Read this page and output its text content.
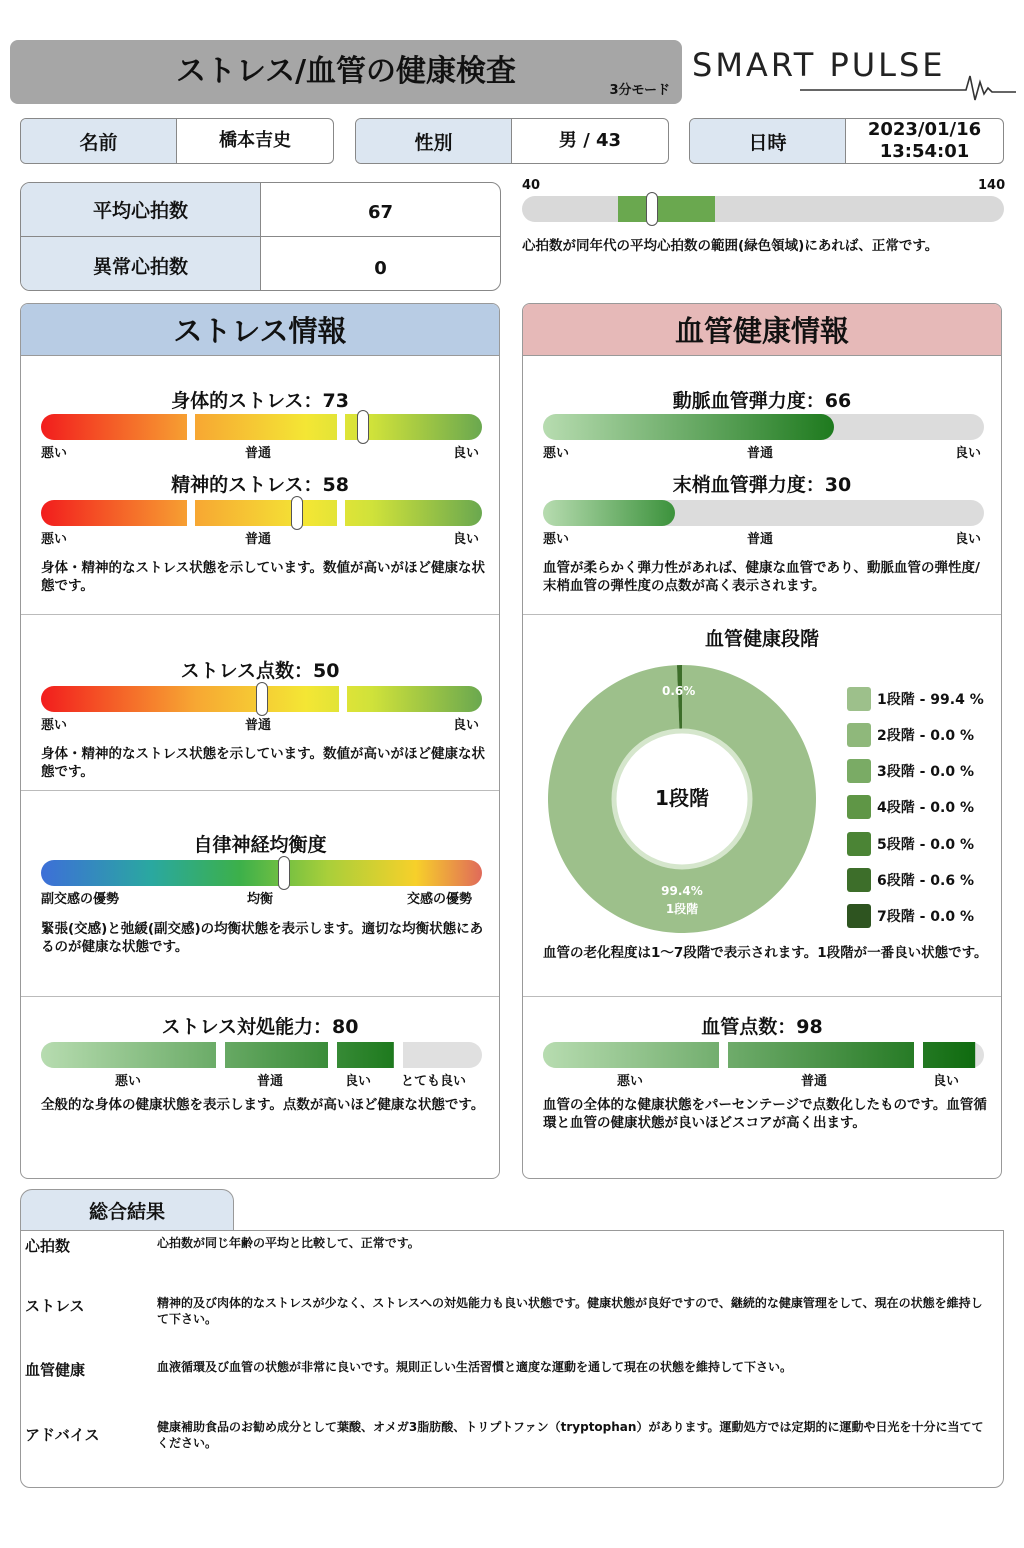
ストレス/血管の健康検査
3分モード
SMART PULSE
名前	橋本吉史	性別	男 / 43	日時
2023/01/16
13:54:01
平均心拍数	67
異常心拍数	0
40	140
心拍数が同年代の平均心拍数の範囲(緑色領域)にあれば、正常です。
ストレス情報
身体的ストレス：73
悪い	普通	良い
精神的ストレス：58
悪い	普通	良い
身体・精神的なストレス状態を示しています。数値が高いがほど健康な状態です。
ストレス点数：50
悪い	普通	良い
身体・精神的なストレス状態を示しています。数値が高いがほど健康な状態です。
自律神経均衡度
副交感の優勢	均衡	交感の優勢
緊張(交感)と弛緩(副交感)の均衡状態を表示します。適切な均衡状態にあるのが健康な状態です。
ストレス対処能力：80
悪い	普通	良い とても良い
全般的な身体の健康状態を表示します。点数が高いほど健康な状態です。
血管健康情報
動脈血管弾力度：66
悪い	普通	良い
末梢血管弾力度：30
悪い	普通	良い
血管が柔らかく弾力性があれば、健康な血管であり、動脈血管の弾性度/末梢血管の弾性度の点数が高く表示されます。
血管健康段階
1段階
0.6%
99.4%
1段階
血管の老化程度は1〜7段階で表示されます。1段階が一番良い状態です。
血管点数：98
悪い	普通	良い
血管の全体的な健康状態をパーセンテージで点数化したものです。血管循環と血管の健康状態が良いほどスコアが高く出ます。
1段階 - 99.4 %
2段階 - 0.0 %
3段階 - 0.0 %
4段階 - 0.0 %
5段階 - 0.0 %
6段階 - 0.6 %
7段階 - 0.0 %
総合結果
心拍数	心拍数が同じ年齢の平均と比較して、正常です。
ストレス	精神的及び肉体的なストレスが少なく、ストレスへの対処能力も良い状態です。健康状態が良好ですので、継続的な健康管理をして、現在の状態を維持して下さい。
血管健康	血液循環及び血管の状態が非常に良いです。規則正しい生活習慣と適度な運動を通して現在の状態を維持して下さい。
アドバイス	健康補助食品のお勧め成分として葉酸、オメガ3脂肪酸、トリプトファン（tryptophan）があります。運動処方では定期的に運動や日光を十分に当ててください。
